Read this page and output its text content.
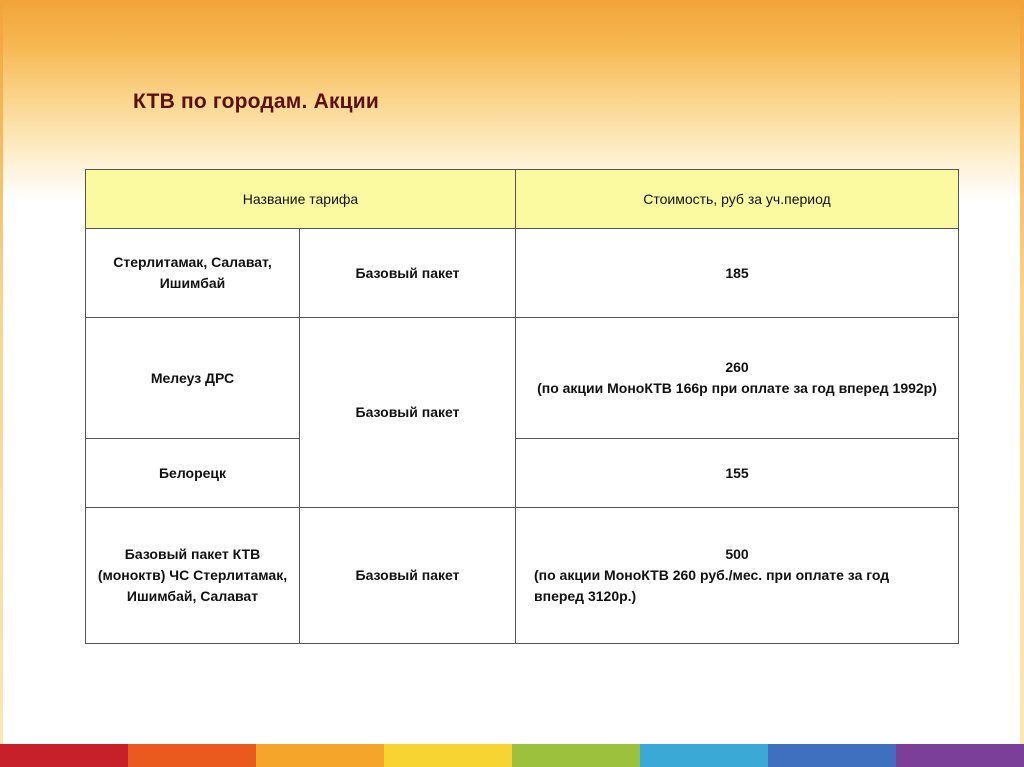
КТВ по городам. Акции
Название тарифа		Стоимость, руб за уч.период
Стерлитамак, Салават, Ишимбай	Базовый пакет	185

Мелеуз ДРС	Базовый пакет	260
(по акции МоноКТВ 166р при оплате за год вперед 1992р)

Белорецк		155

Базовый пакет КТВ (моноктв) ЧС Стерлитамак, Ишимбай, Салават	Базовый пакет	500
(по акции МоноКТВ 260 руб./мес. при оплате за год вперед 3120р.)
